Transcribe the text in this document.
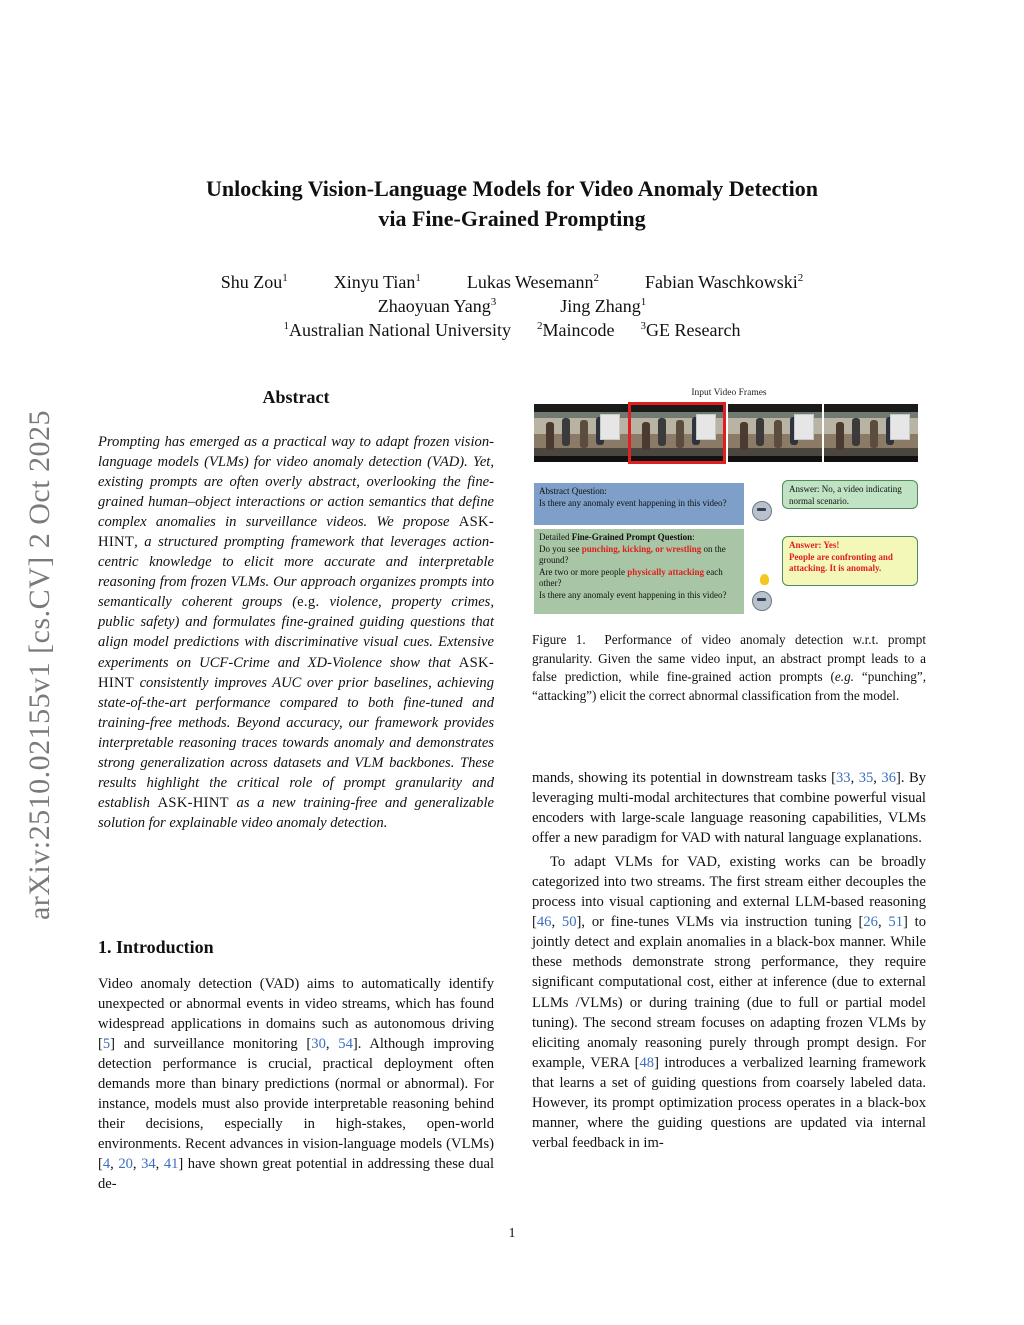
arXiv:2510.02155v1 [cs.CV] 2 Oct 2025
Unlocking Vision-Language Models for Video Anomaly Detection
via Fine-Grained Prompting
Shu Zou$^1$	Xinyu Tian$^1$	Lukas Wesemann$^2$	Fabian Waschkowski$^2$
Zhaoyuan Yang$^3$	Jing Zhang$^1$
$^1$Australian National University $^2$Maincode $^3$GE Research
Abstract
Prompting has emerged as a practical way to adapt frozen vision-language models (VLMs) for video anomaly detection (VAD). Yet, existing prompts are often overly abstract, overlooking the fine-grained human–object interactions or action semantics that define complex anomalies in surveillance videos. We propose ASK-HINT, a structured prompting framework that leverages action-centric knowledge to elicit more accurate and interpretable reasoning from frozen VLMs. Our approach organizes prompts into semantically coherent groups (e.g. violence, property crimes, public safety) and formulates fine-grained guiding questions that align model predictions with discriminative visual cues. Extensive experiments on UCF-Crime and XD-Violence show that ASK-HINT consistently improves AUC over prior baselines, achieving state-of-the-art performance compared to both fine-tuned and training-free methods. Beyond accuracy, our framework provides interpretable reasoning traces towards anomaly and demonstrates strong generalization across datasets and VLM backbones. These results highlight the critical role of prompt granularity and establish ASK-HINT as a new training-free and generalizable solution for explainable video anomaly detection.
1. Introduction
Video anomaly detection (VAD) aims to automatically identify unexpected or abnormal events in video streams, which has found widespread applications in domains such as autonomous driving [5] and surveillance monitoring [30, 54]. Although improving detection performance is crucial, practical deployment often demands more than binary predictions (normal or abnormal). For instance, models must also provide interpretable reasoning behind their decisions, especially in high-stakes, open-world environments. Recent advances in vision-language models (VLMs) [4, 20, 34, 41] have shown great potential in addressing these dual de-
Input Video Frames
Abstract Question:
Is there any anomaly event happening in this video?
Detailed Fine-Grained Prompt Question:
Do you see punching, kicking, or wrestling on the ground?
Are two or more people physically attacking each other?
Is there any anomaly event happening in this video?
Answer: No, a video indicating normal scenario.
Answer: Yes!
People are confronting and attacking. It is anomaly.
Figure 1. Performance of video anomaly detection w.r.t. prompt granularity. Given the same video input, an abstract prompt leads to a false prediction, while fine-grained action prompts (e.g. “punching”, “attacking”) elicit the correct abnormal classification from the model.

mands, showing its potential in downstream tasks [33, 35, 36]. By leveraging multi-modal architectures that combine powerful visual encoders with large-scale language reasoning capabilities, VLMs offer a new paradigm for VAD with natural language explanations.

To adapt VLMs for VAD, existing works can be broadly categorized into two streams. The first stream either decouples the process into visual captioning and external LLM-based reasoning [46, 50], or fine-tunes VLMs via instruction tuning [26, 51] to jointly detect and explain anomalies in a black-box manner. While these methods demonstrate strong performance, they require significant computational cost, either at inference (due to external LLMs /VLMs) or during training (due to full or partial model tuning). The second stream focuses on adapting frozen VLMs by eliciting anomaly reasoning purely through prompt design. For example, VERA [48] introduces a verbalized learning framework that learns a set of guiding questions from coarsely labeled data. However, its prompt optimization process operates in a black-box manner, where the guiding questions are updated via internal verbal feedback in im-

1
